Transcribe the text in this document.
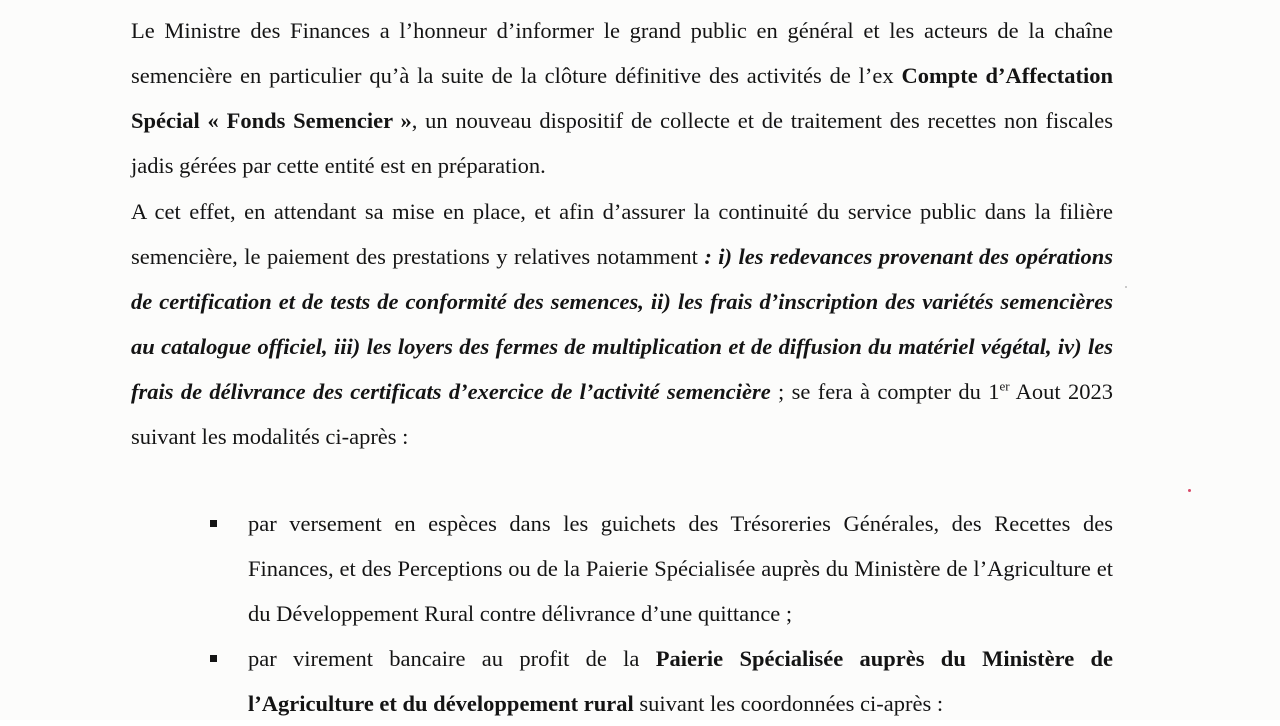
Le Ministre des Finances a l’honneur d’informer le grand public en général et les acteurs de la chaîne semencière en particulier qu’à la suite de la clôture définitive des activités de l’ex Compte d’Affectation Spécial « Fonds Semencier », un nouveau dispositif de collecte et de traitement des recettes non fiscales jadis gérées par cette entité est en préparation.

A cet effet, en attendant sa mise en place, et afin d’assurer la continuité du service public dans la filière semencière, le paiement des prestations y relatives notamment : i) les redevances provenant des opérations de certification et de tests de conformité des semences, ii) les frais d’inscription des variétés semencières au catalogue officiel, iii) les loyers des fermes de multiplication et de diffusion du matériel végétal, iv) les frais de délivrance des certificats d’exercice de l’activité semencière ; se fera à compter du 1er Aout 2023 suivant les modalités ci-après :

par versement en espèces dans les guichets des Trésoreries Générales, des Recettes des Finances, et des Perceptions ou de la Paierie Spécialisée auprès du Ministère de l’Agriculture et du Développement Rural contre délivrance d’une quittance ;
par virement bancaire au profit de la Paierie Spécialisée auprès du Ministère de l’Agriculture et du développement rural suivant les coordonnées ci-après :
